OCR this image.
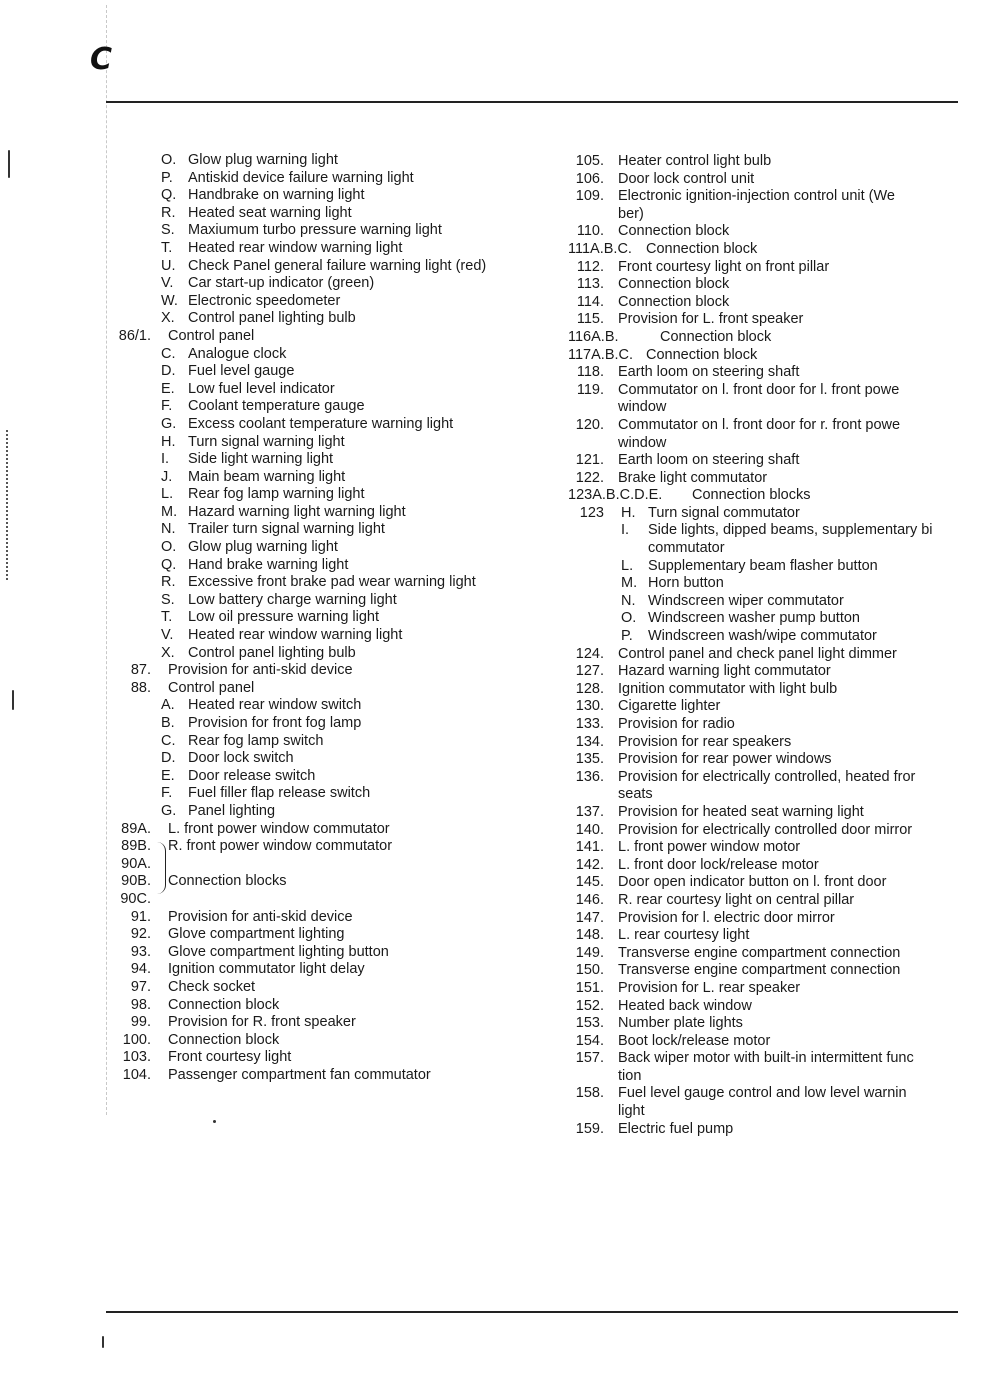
C
O. Glow plug warning light
P. Antiskid device failure warning light
Q. Handbrake on warning light
R. Heated seat warning light
S. Maxiumum turbo pressure warning light
T. Heated rear window warning light
U. Check Panel general failure warning light (red)
V. Car start-up indicator (green)
W. Electronic speedometer
X. Control panel lighting bulb
86/1. Control panel
C. Analogue clock
D. Fuel level gauge
E. Low fuel level indicator
F. Coolant temperature gauge
G. Excess coolant temperature warning light
H. Turn signal warning light
I. Side light warning light
J. Main beam warning light
L. Rear fog lamp warning light
M. Hazard warning light warning light
N. Trailer turn signal warning light
O. Glow plug warning light
Q. Hand brake warning light
R. Excessive front brake pad wear warning light
S. Low battery charge warning light
T. Low oil pressure warning light
V. Heated rear window warning light
X. Control panel lighting bulb
87. Provision for anti-skid device
88. Control panel
A. Heated rear window switch
B. Provision for front fog lamp
C. Rear fog lamp switch
D. Door lock switch
E. Door release switch
F. Fuel filler flap release switch
G. Panel lighting
89A. L. front power window commutator
89B. R. front power window commutator
90A.
90B. Connection blocks
90C.
91. Provision for anti-skid device
92. Glove compartment lighting
93. Glove compartment lighting button
94. Ignition commutator light delay
97. Check socket
98. Connection block
99. Provision for R. front speaker
100. Connection block
103. Front courtesy light
104. Passenger compartment fan commutator
105. Heater control light bulb
106. Door lock control unit
109. Electronic ignition-injection control unit (We
ber)
110. Connection block
111A.B.C. Connection block
112. Front courtesy light on front pillar
113. Connection block
114. Connection block
115. Provision for L. front speaker
116A.B.	Connection block
117A.B.C. Connection block
118. Earth loom on steering shaft
119. Commutator on l. front door for l. front powe
window
120. Commutator on l. front door for r. front powe
window
121. Earth loom on steering shaft
122. Brake light commutator
123A.B.C.D.E. Connection blocks
123 H. Turn signal commutator
I. Side lights, dipped beams, supplementary bi
commutator
L. Supplementary beam flasher button
M. Horn button
N. Windscreen wiper commutator
O. Windscreen washer pump button
P. Windscreen wash/wipe commutator
124. Control panel and check panel light dimmer
127. Hazard warning light commutator
128. Ignition commutator with light bulb
130. Cigarette lighter
133. Provision for radio
134. Provision for rear speakers
135. Provision for rear power windows
136. Provision for electrically controlled, heated fror
seats
137. Provision for heated seat warning light
140. Provision for electrically controlled door mirror
141. L. front power window motor
142. L. front door lock/release motor
145. Door open indicator button on l. front door
146. R. rear courtesy light on central pillar
147. Provision for l. electric door mirror
148. L. rear courtesy light
149. Transverse engine compartment connection
150. Transverse engine compartment connection
151. Provision for L. rear speaker
152. Heated back window
153. Number plate lights
154. Boot lock/release motor
157. Back wiper motor with built-in intermittent func
tion
158. Fuel level gauge control and low level warnin
light
159. Electric fuel pump
